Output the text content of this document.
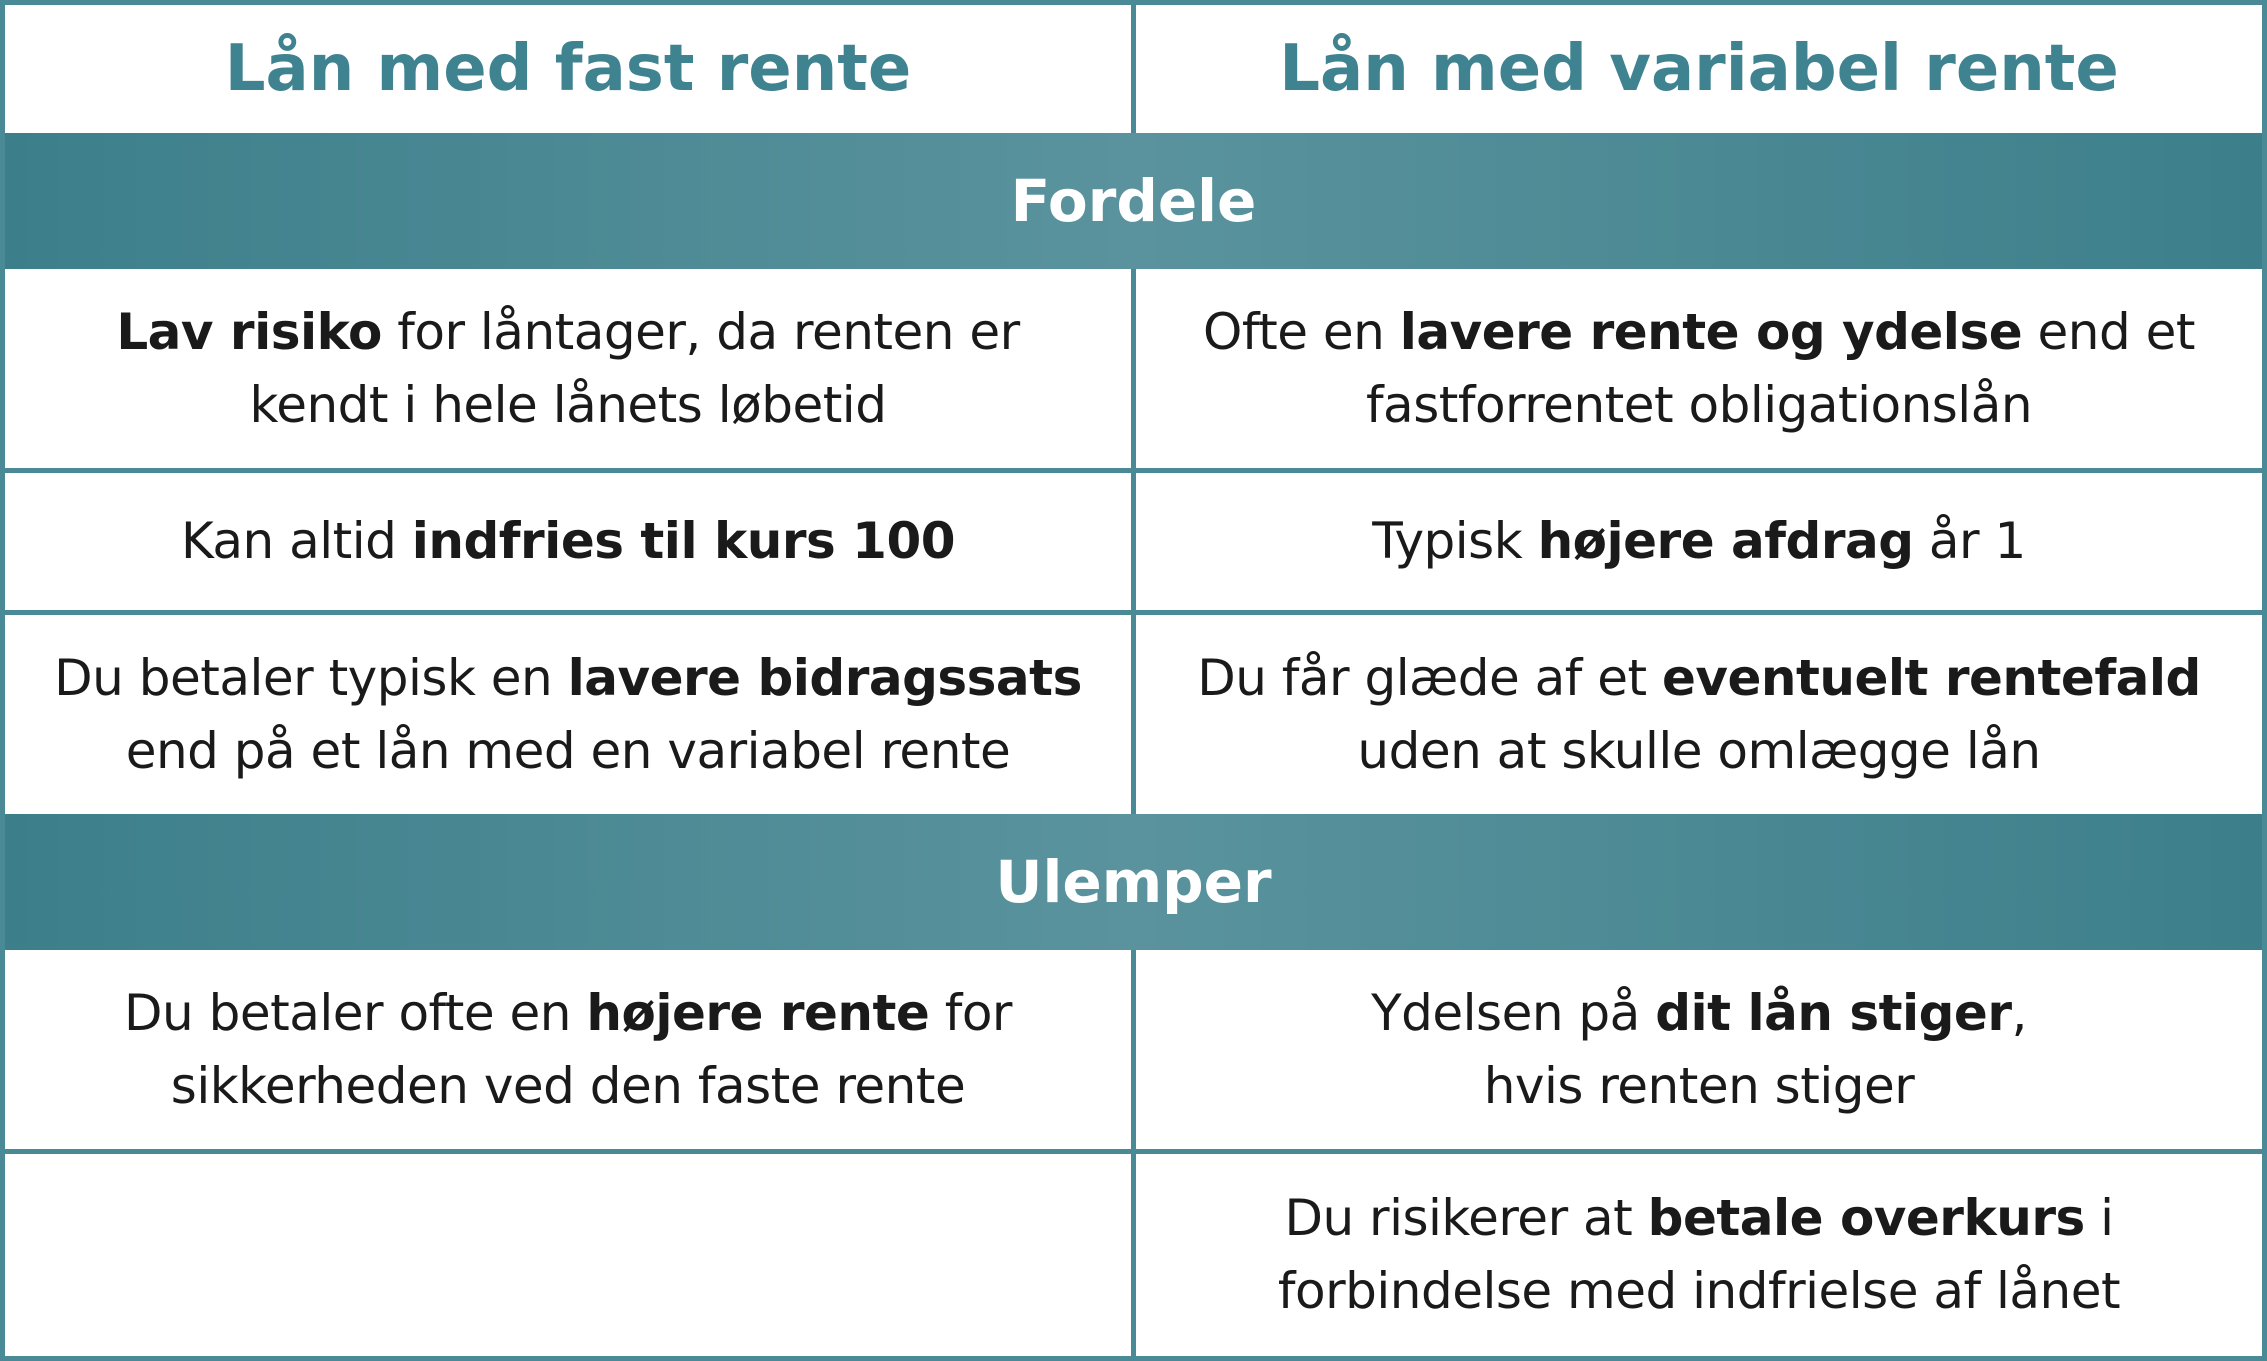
Lån med fast rente	Lån med variabel rente
Fordele
Lav risiko for låntager, da renten er
kendt i hele lånets løbetid
Ofte en lavere rente og ydelse end et
fastforrentet obligationslån
Kan altid indfries til kurs 100	Typisk højere afdrag år 1
Du betaler typisk en lavere bidragssats
end på et lån med en variabel rente
Du får glæde af et eventuelt rentefald
uden at skulle omlægge lån
Ulemper
Du betaler ofte en højere rente for
sikkerheden ved den faste rente
Ydelsen på dit lån stiger,
hvis renten stiger
Du risikerer at betale overkurs i
forbindelse med indfrielse af lånet
